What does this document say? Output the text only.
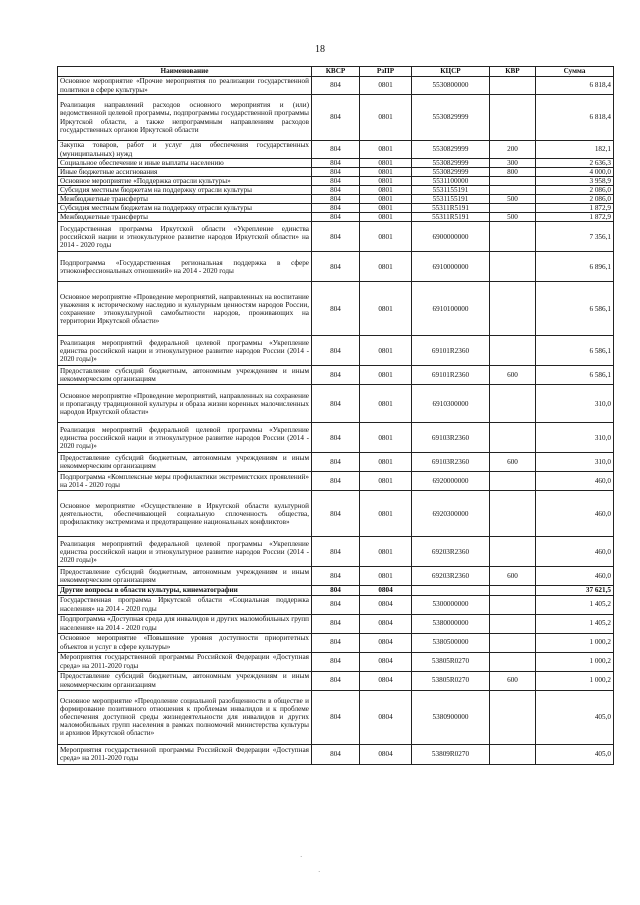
18
Наименование	КВСР	РзПР	КЦСР	КВР	Сумма
Основное мероприятие «Прочие мероприятия по реализации государственной политики в сфере культуры»	804	0801	5530800000		6 818,4
Реализация направлений расходов основного мероприятия и (или) ведомственной целевой программы, подпрограммы государственной программы Иркутской области, а также непрограммным направлениям расходов государственных органов Иркутской области	804	0801	5530829999		6 818,4
Закупка товаров, работ и услуг для обеспечения государственных (муниципальных) нужд	804	0801	5530829999	200	182,1
Социальное обеспечение и иные выплаты населению	804	0801	5530829999	300	2 636,3
Иные бюджетные ассигнования	804	0801	5530829999	800	4 000,0
Основное мероприятие «Поддержка отрасли культуры»	804	0801	5531100000		3 958,9
Субсидия местным бюджетам на поддержку отрасли культуры	804	0801	5531155191		2 086,0
Межбюджетные трансферты	804	0801	5531155191	500	2 086,0
Субсидия местным бюджетам на поддержку отрасли культуры	804	0801	55311R5191		1 872,9
Межбюджетные трансферты	804	0801	55311R5191	500	1 872,9
Государственная программа Иркутской области «Укрепление единства российской нации и этнокультурное развитие народов Иркутской области» на 2014 - 2020 годы	804	0801	6900000000		7 356,1
Подпрограмма «Государственная региональная поддержка в сфере этноконфессиональных отношений» на 2014 - 2020 годы	804	0801	6910000000		6 896,1
Основное мероприятие «Проведение мероприятий, направленных на воспитание уважения к историческому наследию и культурным ценностям народов России, сохранение этнокультурной самобытности народов, проживающих на территории Иркутской области»	804	0801	6910100000		6 586,1
Реализация мероприятий федеральной целевой программы «Укрепление единства российской нации и этнокультурное развитие народов России (2014 - 2020 годы)»	804	0801	69101R2360		6 586,1
Предоставление субсидий бюджетным, автономным учреждениям и иным некоммерческим организациям	804	0801	69101R2360	600	6 586,1
Основное мероприятие «Проведение мероприятий, направленных на сохранение и пропаганду традиционной культуры и образа жизни коренных малочисленных народов Иркутской области»	804	0801	6910300000		310,0
Реализация мероприятий федеральной целевой программы «Укрепление единства российской нации и этнокультурное развитие народов России (2014 - 2020 годы)»	804	0801	69103R2360		310,0
Предоставление субсидий бюджетным, автономным учреждениям и иным некоммерческим организациям	804	0801	69103R2360	600	310,0
Подпрограмма «Комплексные меры профилактики экстремистских проявлений» на 2014 - 2020 годы	804	0801	6920000000		460,0
Основное мероприятие «Осуществление в Иркутской области культурной деятельности, обеспечивающей социальную сплоченность общества, профилактику экстремизма и предотвращение национальных конфликтов»	804	0801	6920300000		460,0
Реализация мероприятий федеральной целевой программы «Укрепление единства российской нации и этнокультурное развитие народов России (2014 - 2020 годы)»	804	0801	69203R2360		460,0
Предоставление субсидий бюджетным, автономным учреждениям и иным некоммерческим организациям	804	0801	69203R2360	600	460,0
Другие вопросы в области культуры, кинематографии	804	0804			37 621,5
Государственная программа Иркутской области «Социальная поддержка населения» на 2014 - 2020 годы	804	0804	5300000000		1 405,2
Подпрограмма «Доступная среда для инвалидов и других маломобильных групп населения» на 2014 - 2020 годы	804	0804	5380000000		1 405,2
Основное мероприятие «Повышение уровня доступности приоритетных объектов и услуг в сфере культуры»	804	0804	5380500000		1 000,2
Мероприятия государственной программы Российской Федерации «Доступная среда» на 2011-2020 годы	804	0804	53805R0270		1 000,2
Предоставление субсидий бюджетным, автономным учреждениям и иным некоммерческим организациям	804	0804	53805R0270	600	1 000,2
Основное мероприятие «Преодоление социальной разобщенности в обществе и формирование позитивного отношения к проблемам инвалидов и к проблеме обеспечения доступной среды жизнедеятельности для инвалидов и других маломобильных групп населения в рамках полномочий министерства культуры и архивов Иркутской области»	804	0804	5380900000		405,0
Мероприятия государственной программы Российской Федерации «Доступная среда» на 2011-2020 годы	804	0804	53809R0270		405,0
·
·
